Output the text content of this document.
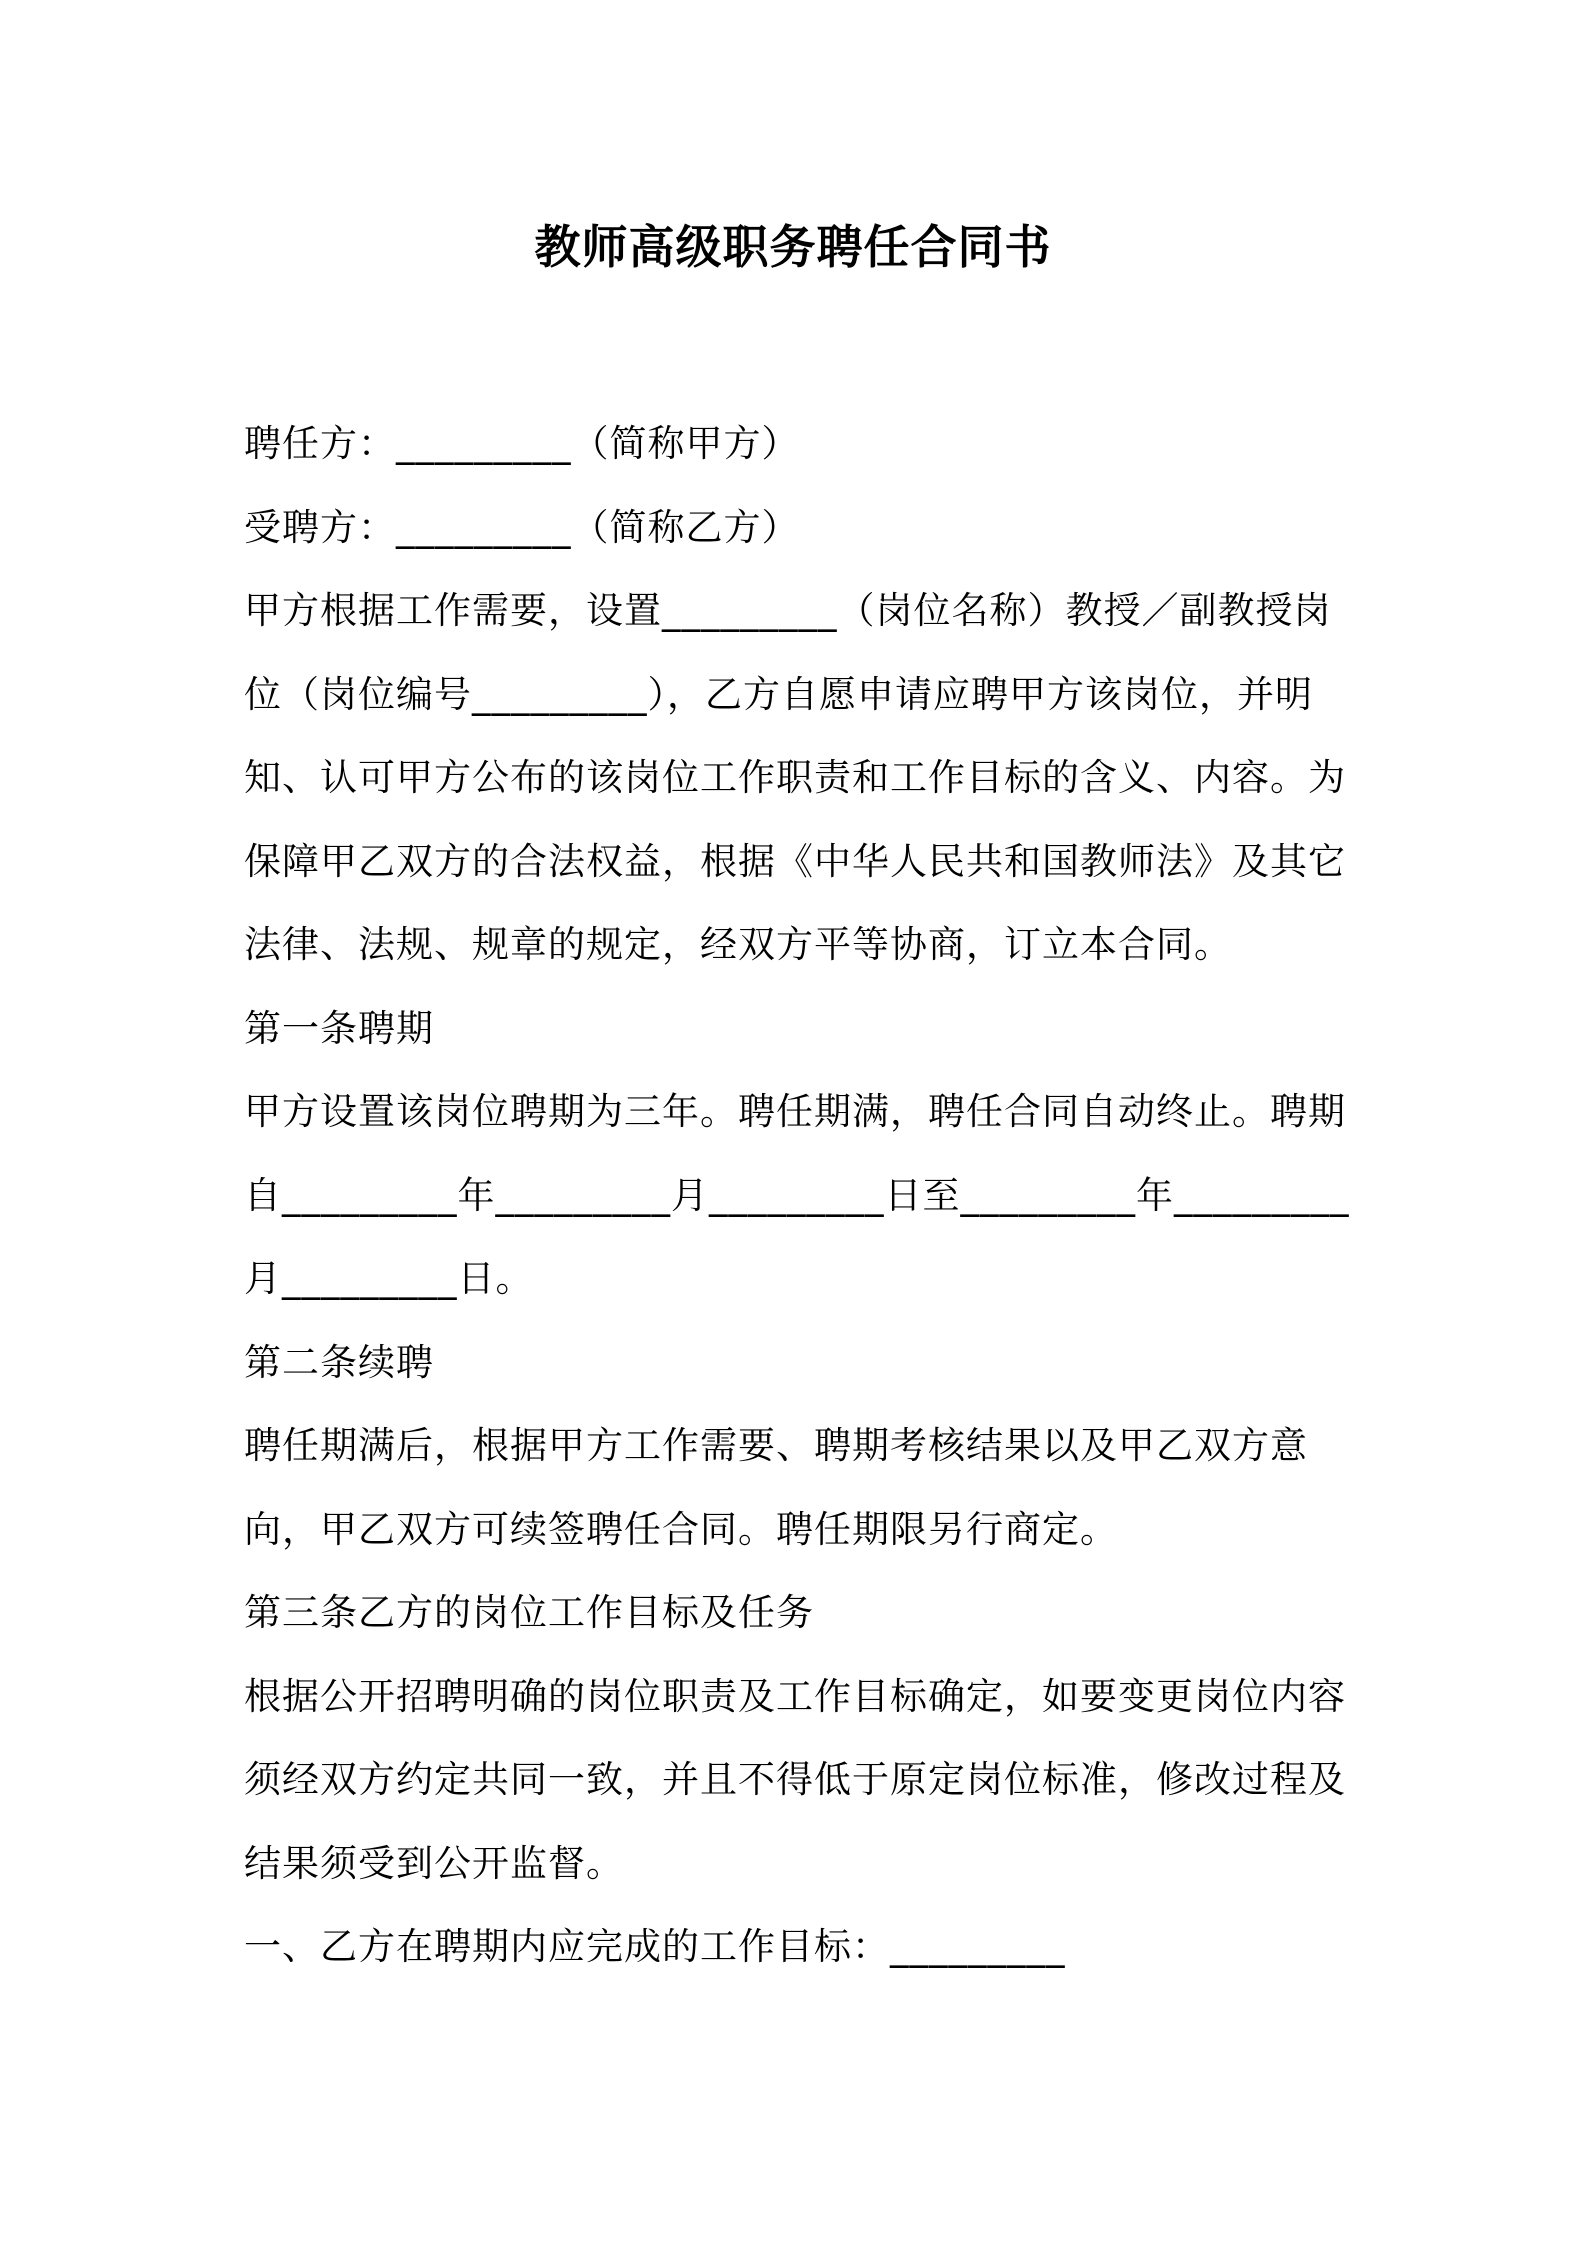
教师高级职务聘任合同书

聘任方：_________（简称甲方）

受聘方：_________（简称乙方）

甲方根据工作需要，设置_________（岗位名称）教授／副教授岗位（岗位编号_________），乙方自愿申请应聘甲方该岗位，并明知、认可甲方公布的该岗位工作职责和工作目标的含义、内容。为保障甲乙双方的合法权益，根据《中华人民共和国教师法》及其它法律、法规、规章的规定，经双方平等协商，订立本合同。

第一条聘期

甲方设置该岗位聘期为三年。聘任期满，聘任合同自动终止。聘期自_________年_________月_________日至_________年_________月_________日。

第二条续聘

聘任期满后，根据甲方工作需要、聘期考核结果以及甲乙双方意向，甲乙双方可续签聘任合同。聘任期限另行商定。

第三条乙方的岗位工作目标及任务

根据公开招聘明确的岗位职责及工作目标确定，如要变更岗位内容须经双方约定共同一致，并且不得低于原定岗位标准，修改过程及结果须受到公开监督。

一、乙方在聘期内应完成的工作目标：_________
